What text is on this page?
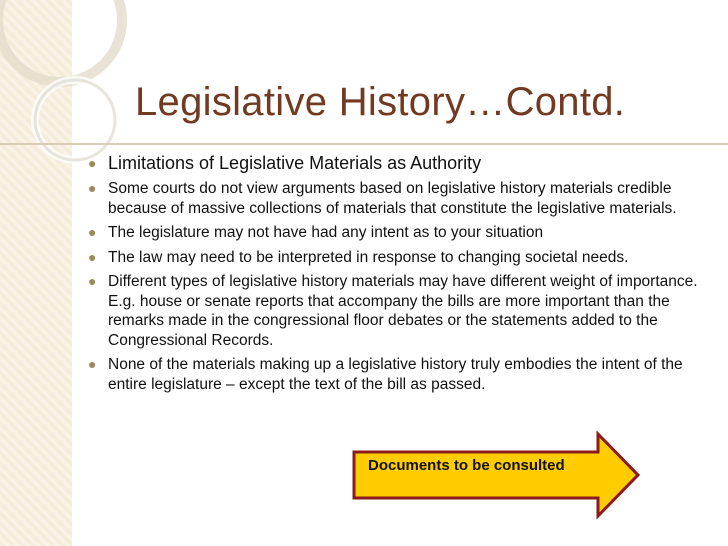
Legislative History…Contd.
● Limitations of Legislative Materials as Authority
● Some courts do not view arguments based on legislative history materials credible because of massive collections of materials that constitute the legislative materials.
● The legislature may not have had any intent as to your situation
● The law may need to be interpreted in response to changing societal needs.
● Different types of legislative history materials may have different weight of importance. E.g. house or senate reports that accompany the bills are more important than the remarks made in the congressional floor debates or the statements added to the Congressional Records.
● None of the materials making up a legislative history truly embodies the intent of the entire legislature – except the text of the bill as passed.
Documents to be consulted
